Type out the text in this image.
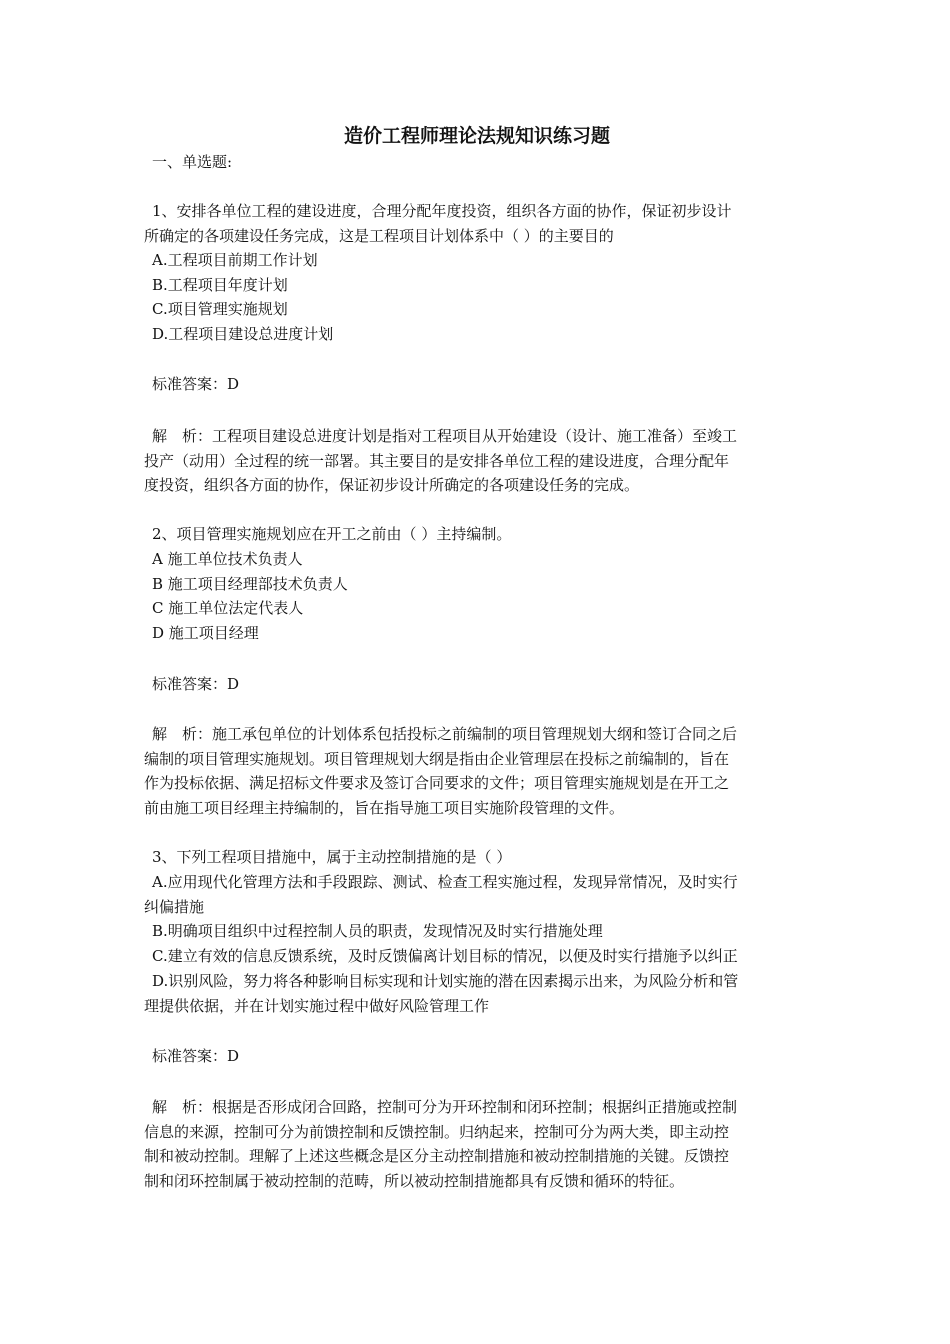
造价工程师理论法规知识练习题
一、单选题:
1、安排各单位工程的建设进度，合理分配年度投资，组织各方面的协作，保证初步设计
所确定的各项建设任务完成，这是工程项目计划体系中（ ）的主要目的
A.工程项目前期工作计划
B.工程项目年度计划
C.项目管理实施规划
D.工程项目建设总进度计划
标准答案：D
解　析：工程项目建设总进度计划是指对工程项目从开始建设（设计、施工准备）至竣工
投产（动用）全过程的统一部署。其主要目的是安排各单位工程的建设进度，合理分配年
度投资，组织各方面的协作，保证初步设计所确定的各项建设任务的完成。
2、项目管理实施规划应在开工之前由（ ）主持编制。
A 施工单位技术负责人
B 施工项目经理部技术负责人
C 施工单位法定代表人
D 施工项目经理
标准答案：D
解　析：施工承包单位的计划体系包括投标之前编制的项目管理规划大纲和签订合同之后
编制的项目管理实施规划。项目管理规划大纲是指由企业管理层在投标之前编制的，旨在
作为投标依据、满足招标文件要求及签订合同要求的文件；项目管理实施规划是在开工之
前由施工项目经理主持编制的，旨在指导施工项目实施阶段管理的文件。
3、下列工程项目措施中，属于主动控制措施的是（ ）
A.应用现代化管理方法和手段跟踪、测试、检查工程实施过程，发现异常情况，及时实行
纠偏措施
B.明确项目组织中过程控制人员的职责，发现情况及时实行措施处理
C.建立有效的信息反馈系统，及时反馈偏离计划目标的情况，以便及时实行措施予以纠正
D.识别风险，努力将各种影响目标实现和计划实施的潜在因素揭示出来，为风险分析和管
理提供依据，并在计划实施过程中做好风险管理工作
标准答案：D
解　析：根据是否形成闭合回路，控制可分为开环控制和闭环控制；根据纠正措施或控制
信息的来源，控制可分为前馈控制和反馈控制。归纳起来，控制可分为两大类，即主动控
制和被动控制。理解了上述这些概念是区分主动控制措施和被动控制措施的关键。反馈控
制和闭环控制属于被动控制的范畴，所以被动控制措施都具有反馈和循环的特征。
